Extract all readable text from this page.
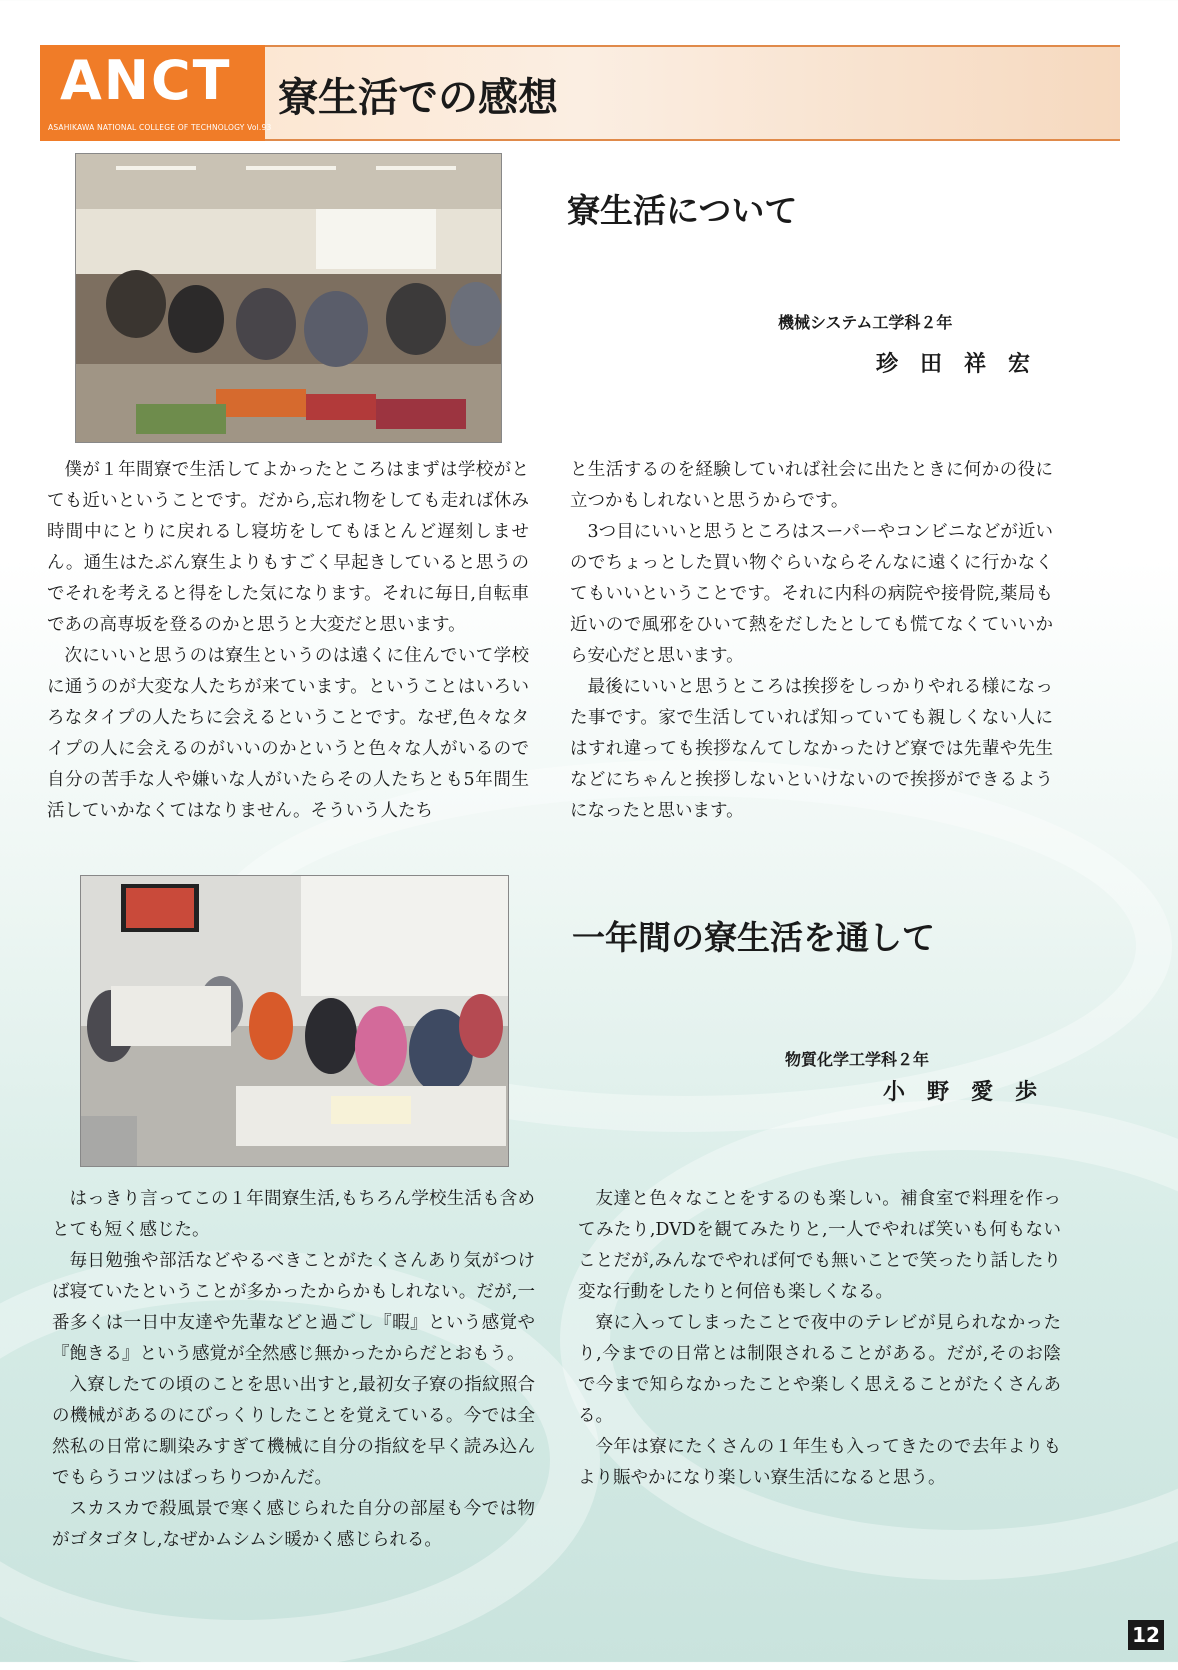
ANCT
ASAHIKAWA NATIONAL COLLEGE OF TECHNOLOGY Vol.93
寮生活での感想
寮生活について
機械システム工学科２年
珍田祥宏

僕が１年間寮で生活してよかったところはまずは学校がとても近いということです。だから,忘れ物をしても走れば休み時間中にとりに戻れるし寝坊をしてもほとんど遅刻しません。通生はたぶん寮生よりもすごく早起きしていると思うのでそれを考えると得をした気になります。それに毎日,自転車であの高専坂を登るのかと思うと大変だと思います。

次にいいと思うのは寮生というのは遠くに住んでいて学校に通うのが大変な人たちが来ています。ということはいろいろなタイプの人たちに会えるということです。なぜ,色々なタイプの人に会えるのがいいのかというと色々な人がいるので自分の苦手な人や嫌いな人がいたらその人たちとも5年間生活していかなくてはなりません。そういう人たち

と生活するのを経験していれば社会に出たときに何かの役に立つかもしれないと思うからです。

3つ目にいいと思うところはスーパーやコンビニなどが近いのでちょっとした買い物ぐらいならそんなに遠くに行かなくてもいいということです。それに内科の病院や接骨院,薬局も近いので風邪をひいて熱をだしたとしても慌てなくていいから安心だと思います。

最後にいいと思うところは挨拶をしっかりやれる様になった事です。家で生活していれば知っていても親しくない人にはすれ違っても挨拶なんてしなかったけど寮では先輩や先生などにちゃんと挨拶しないといけないので挨拶ができるようになったと思います。

一年間の寮生活を通して
物質化学工学科２年
小野愛歩

はっきり言ってこの１年間寮生活,もちろん学校生活も含めとても短く感じた。

毎日勉強や部活などやるべきことがたくさんあり気がつけば寝ていたということが多かったからかもしれない。だが,一番多くは一日中友達や先輩などと過ごし『暇』という感覚や『飽きる』という感覚が全然感じ無かったからだとおもう。

入寮したての頃のことを思い出すと,最初女子寮の指紋照合の機械があるのにびっくりしたことを覚えている。今では全然私の日常に馴染みすぎて機械に自分の指紋を早く読み込んでもらうコツはばっちりつかんだ。

スカスカで殺風景で寒く感じられた自分の部屋も今では物がゴタゴタし,なぜかムシムシ暖かく感じられる。

友達と色々なことをするのも楽しい。補食室で料理を作ってみたり,DVDを観てみたりと,一人でやれば笑いも何もないことだが,みんなでやれば何でも無いことで笑ったり話したり変な行動をしたりと何倍も楽しくなる。

寮に入ってしまったことで夜中のテレビが見られなかったり,今までの日常とは制限されることがある。だが,そのお陰で今まで知らなかったことや楽しく思えることがたくさんある。

今年は寮にたくさんの１年生も入ってきたので去年よりもより賑やかになり楽しい寮生活になると思う。

12
